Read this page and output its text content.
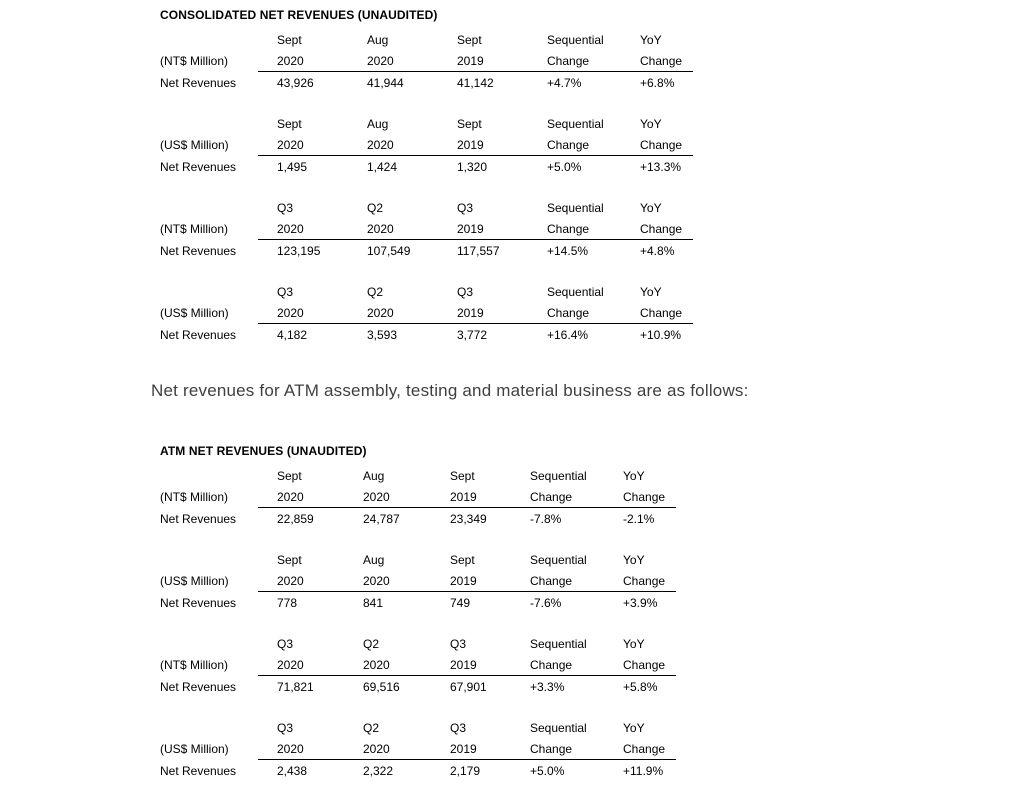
CONSOLIDATED NET REVENUES (UNAUDITED)
	Sept	Aug	Sept	Sequential	YoY
(NT$ Million)	2020	2020	2019	Change	Change
Net Revenues	43,926	41,944	41,142	+4.7%	+6.8%
	Sept	Aug	Sept	Sequential	YoY
(US$ Million)	2020	2020	2019	Change	Change
Net Revenues	1,495	1,424	1,320	+5.0%	+13.3%
	Q3	Q2	Q3	Sequential	YoY
(NT$ Million)	2020	2020	2019	Change	Change
Net Revenues	123,195	107,549	117,557	+14.5%	+4.8%
	Q3	Q2	Q3	Sequential	YoY
(US$ Million)	2020	2020	2019	Change	Change
Net Revenues	4,182	3,593	3,772	+16.4%	+10.9%

Net revenues for ATM assembly, testing and material business are as follows:

ATM NET REVENUES (UNAUDITED)
	Sept	Aug	Sept	Sequential	YoY
(NT$ Million)	2020	2020	2019	Change	Change
Net Revenues	22,859	24,787	23,349	-7.8%	-2.1%
	Sept	Aug	Sept	Sequential	YoY
(US$ Million)	2020	2020	2019	Change	Change
Net Revenues	778	841	749	-7.6%	+3.9%
	Q3	Q2	Q3	Sequential	YoY
(NT$ Million)	2020	2020	2019	Change	Change
Net Revenues	71,821	69,516	67,901	+3.3%	+5.8%
	Q3	Q2	Q3	Sequential	YoY
(US$ Million)	2020	2020	2019	Change	Change
Net Revenues	2,438	2,322	2,179	+5.0%	+11.9%
